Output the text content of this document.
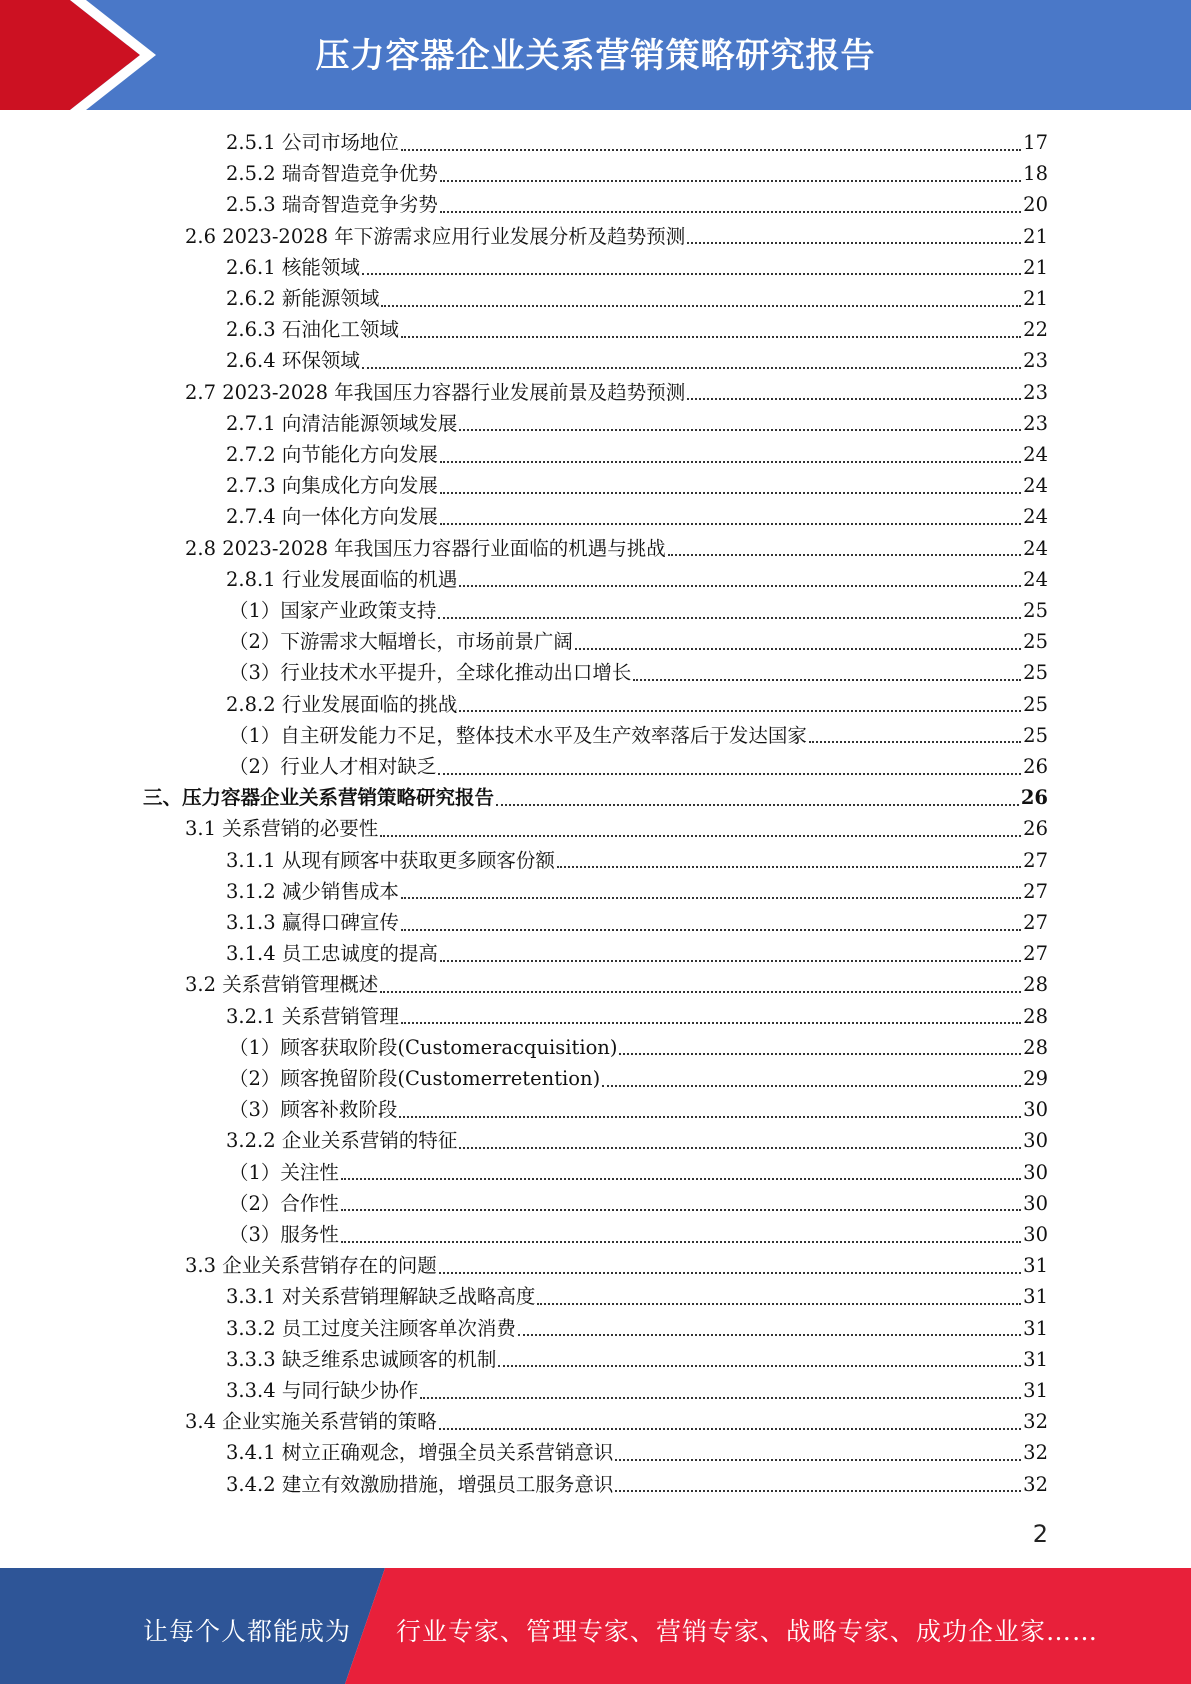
压力容器企业关系营销策略研究报告
2.5.1 公司市场地位	17
2.5.2 瑞奇智造竞争优势	18
2.5.3 瑞奇智造竞争劣势	20
2.6 2023-2028 年下游需求应用行业发展分析及趋势预测	21
2.6.1 核能领域	21
2.6.2 新能源领域	21
2.6.3 石油化工领域	22
2.6.4 环保领域	23
2.7 2023-2028 年我国压力容器行业发展前景及趋势预测	23
2.7.1 向清洁能源领域发展	23
2.7.2 向节能化方向发展	24
2.7.3 向集成化方向发展	24
2.7.4 向一体化方向发展	24
2.8 2023-2028 年我国压力容器行业面临的机遇与挑战	24
2.8.1 行业发展面临的机遇	24
（1）国家产业政策支持	25
（2）下游需求大幅增长，市场前景广阔	25
（3）行业技术水平提升，全球化推动出口增长	25
2.8.2 行业发展面临的挑战	25
（1）自主研发能力不足，整体技术水平及生产效率落后于发达国家	25
（2）行业人才相对缺乏	26
三、压力容器企业关系营销策略研究报告	26
3.1 关系营销的必要性	26
3.1.1 从现有顾客中获取更多顾客份额	27
3.1.2 减少销售成本	27
3.1.3 赢得口碑宣传	27
3.1.4 员工忠诚度的提高	27
3.2 关系营销管理概述	28
3.2.1 关系营销管理	28
（1）顾客获取阶段(Customeracquisition)	28
（2）顾客挽留阶段(Customerretention)	29
（3）顾客补救阶段	30
3.2.2 企业关系营销的特征	30
（1）关注性	30
（2）合作性	30
（3）服务性	30
3.3 企业关系营销存在的问题	31
3.3.1 对关系营销理解缺乏战略高度	31
3.3.2 员工过度关注顾客单次消费	31
3.3.3 缺乏维系忠诚顾客的机制	31
3.3.4 与同行缺少协作	31
3.4 企业实施关系营销的策略	32
3.4.1 树立正确观念，增强全员关系营销意识	32
3.4.2 建立有效激励措施，增强员工服务意识	32
2
让每个人都能成为 行业专家、管理专家、营销专家、战略专家、成功企业家……
